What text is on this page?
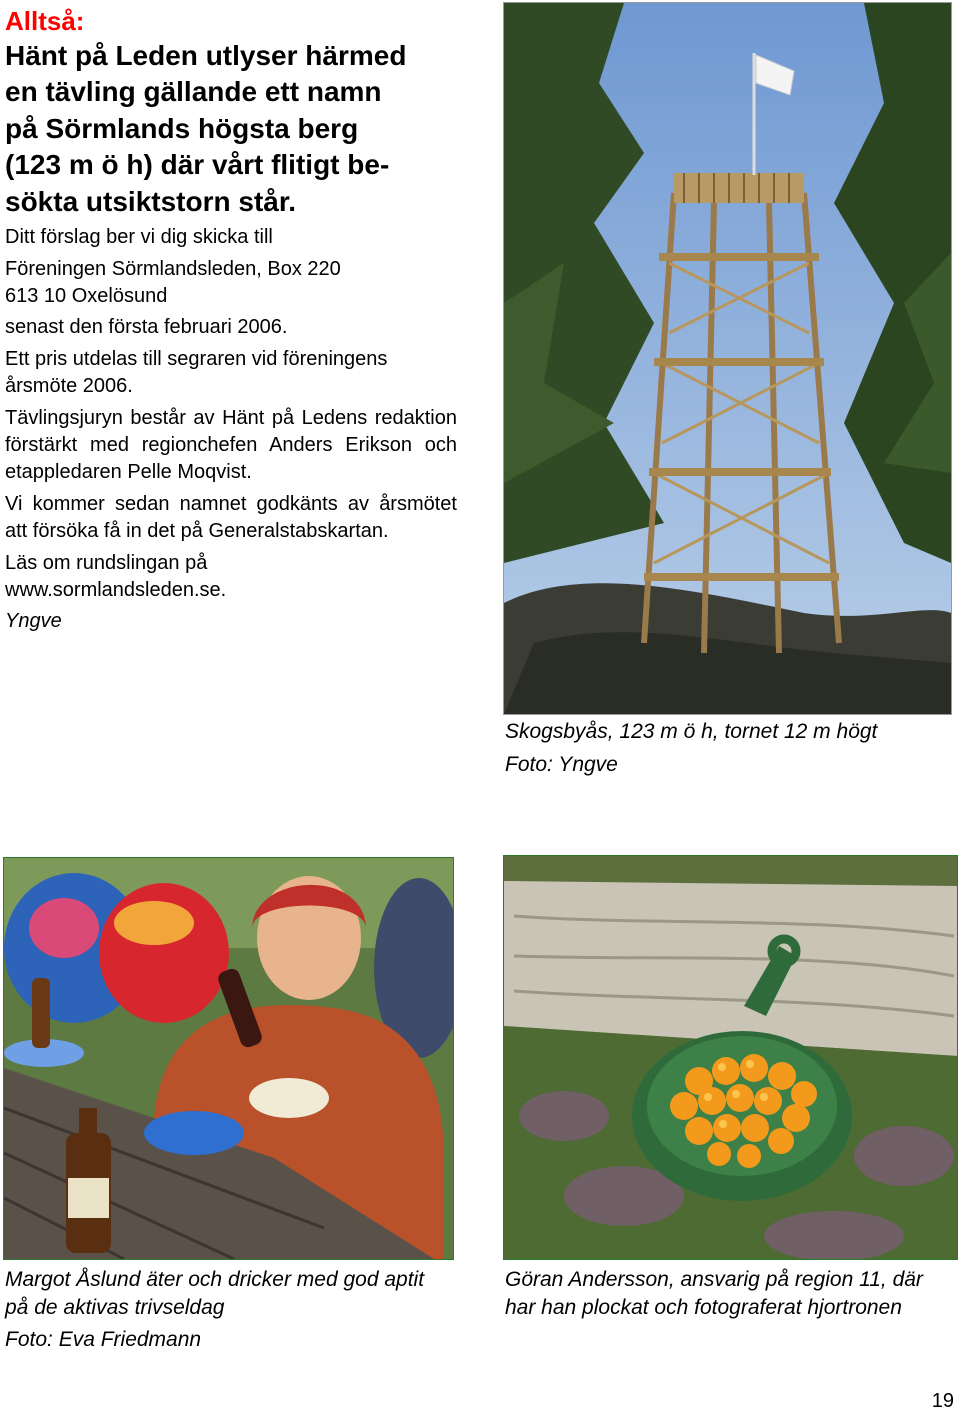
Alltså:
Hänt på Leden utlyser härmed
en tävling gällande ett namn
på Sörmlands högsta berg
(123 m ö h) där vårt flitigt be-
sökta utsiktstorn står.

Ditt förslag ber vi dig skicka till

Föreningen Sörmlandsleden, Box 220

613 10 Oxelösund

senast den första februari 2006.

Ett pris utdelas till segraren vid föreningens årsmöte 2006.

Tävlingsjuryn består av Hänt på Ledens redaktion förstärkt med regionchefen Anders Erikson och etappledaren Pelle Moqvist.

Vi kommer sedan namnet godkänts av årsmötet att försöka få in det på Generalstabskartan.

Läs om rundslingan på www.sormlandsleden.se.

Yngve

Skogsbyås, 123 m ö h, tornet 12 m högt
Foto: Yngve
Margot Åslund äter och dricker med god aptit på de aktivas trivseldag
Foto: Eva Friedmann
Göran Andersson, ansvarig på region 11, där har han plockat och fotograferat hjortronen
19
